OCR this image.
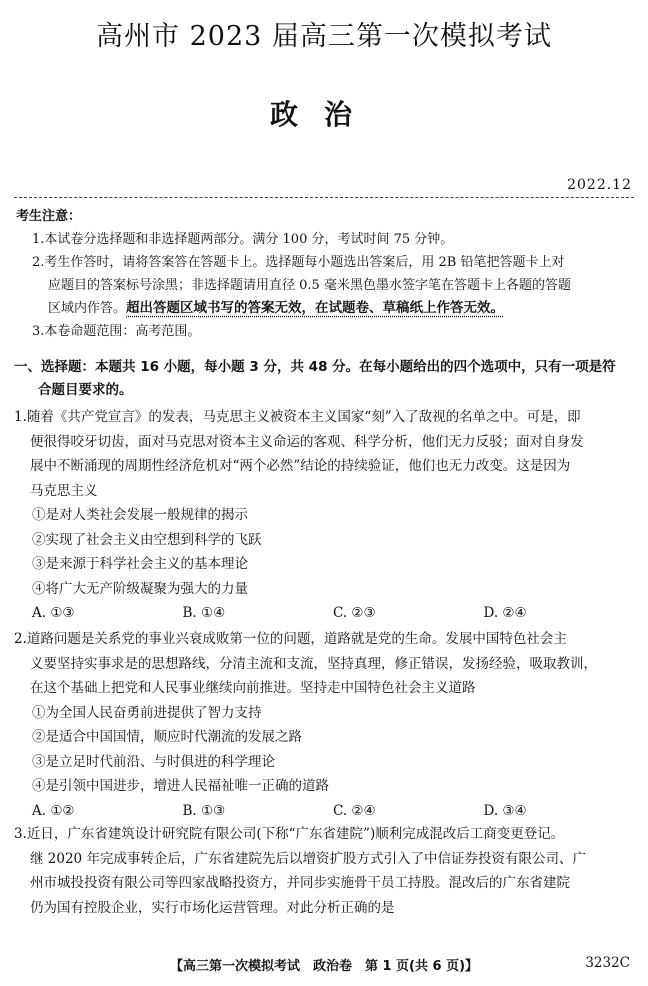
高州市 2023 届高三第一次模拟考试
政治
2022.12
考生注意：
1.本试卷分选择题和非选择题两部分。满分 100 分，考试时间 75 分钟。
2.考生作答时，请将答案答在答题卡上。选择题每小题选出答案后，用 2B 铅笔把答题卡上对
应题目的答案标号涂黑；非选择题请用直径 0.5 毫米黑色墨水签字笔在答题卡上各题的答题
区域内作答。超出答题区域书写的答案无效，在试题卷、草稿纸上作答无效。
3.本卷命题范围：高考范围。
一、选择题：本题共 16 小题，每小题 3 分，共 48 分。在每小题给出的四个选项中，只有一项是符
合题目要求的。
1.随着《共产党宣言》的发表，马克思主义被资本主义国家“刻”入了敌视的名单之中。可是，即
便很得咬牙切齿，面对马克思对资本主义命运的客观、科学分析，他们无力反驳；面对自身发
展中不断涌现的周期性经济危机对“两个必然”结论的持续验证，他们也无力改变。这是因为
马克思主义
①是对人类社会发展一般规律的揭示
②实现了社会主义由空想到科学的飞跃
③是来源于科学社会主义的基本理论
④将广大无产阶级凝聚为强大的力量
A. ①③	B. ①④	C. ②③	D. ②④
2.道路问题是关系党的事业兴衰成败第一位的问题，道路就是党的生命。发展中国特色社会主
义要坚持实事求是的思想路线，分清主流和支流，坚持真理，修正错误，发扬经验，吸取教训，
在这个基础上把党和人民事业继续向前推进。坚持走中国特色社会主义道路
①为全国人民奋勇前进提供了智力支持
②是适合中国国情，顺应时代潮流的发展之路
③是立足时代前沿、与时俱进的科学理论
④是引领中国进步，增进人民福祉唯一正确的道路
A. ①②	B. ①③	C. ②④	D. ③④
3.近日，广东省建筑设计研究院有限公司(下称“广东省建院”)顺利完成混改后工商变更登记。
继 2020 年完成事转企后，广东省建院先后以增资扩股方式引入了中信证券投资有限公司、广
州市城投投资有限公司等四家战略投资方，并同步实施骨干员工持股。混改后的广东省建院
仍为国有控股企业，实行市场化运营管理。对此分析正确的是
【高三第一次模拟考试　政治卷　第 1 页(共 6 页)】	3232C
